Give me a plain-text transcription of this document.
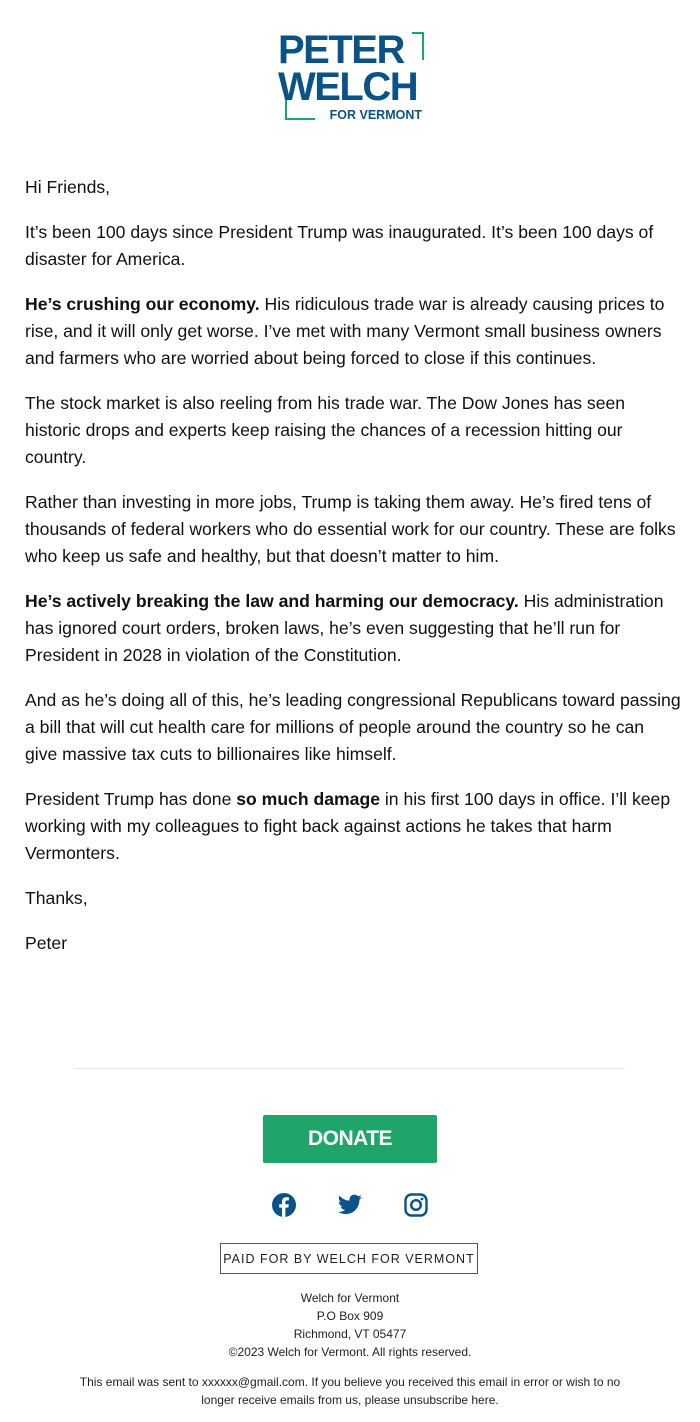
PETER
WELCH
FOR VERMONT

Hi Friends,

It’s been 100 days since President Trump was inaugurated. It’s been 100 days of disaster for America.

He’s crushing our economy. His ridiculous trade war is already causing prices to rise, and it will only get worse. I’ve met with many Vermont small business owners and farmers who are worried about being forced to close if this continues.

The stock market is also reeling from his trade war. The Dow Jones has seen historic drops and experts keep raising the chances of a recession hitting our country.

Rather than investing in more jobs, Trump is taking them away. He’s fired tens of thousands of federal workers who do essential work for our country. These are folks who keep us safe and healthy, but that doesn’t matter to him.

He’s actively breaking the law and harming our democracy. His administration has ignored court orders, broken laws, he’s even suggesting that he’ll run for President in 2028 in violation of the Constitution.

And as he’s doing all of this, he’s leading congressional Republicans toward passing a bill that will cut health care for millions of people around the country so he can give massive tax cuts to billionaires like himself.

President Trump has done so much damage in his first 100 days in office. I’ll keep working with my colleagues to fight back against actions he takes that harm Vermonters.

Thanks,

Peter

DONATE
PAID FOR BY WELCH FOR VERMONT
Welch for Vermont
P.O Box 909
Richmond, VT 05477
©2023 Welch for Vermont. All rights reserved.
This email was sent to xxxxxx@gmail.com. If you believe you received this email in error or wish to no longer receive emails from us, please unsubscribe here.
